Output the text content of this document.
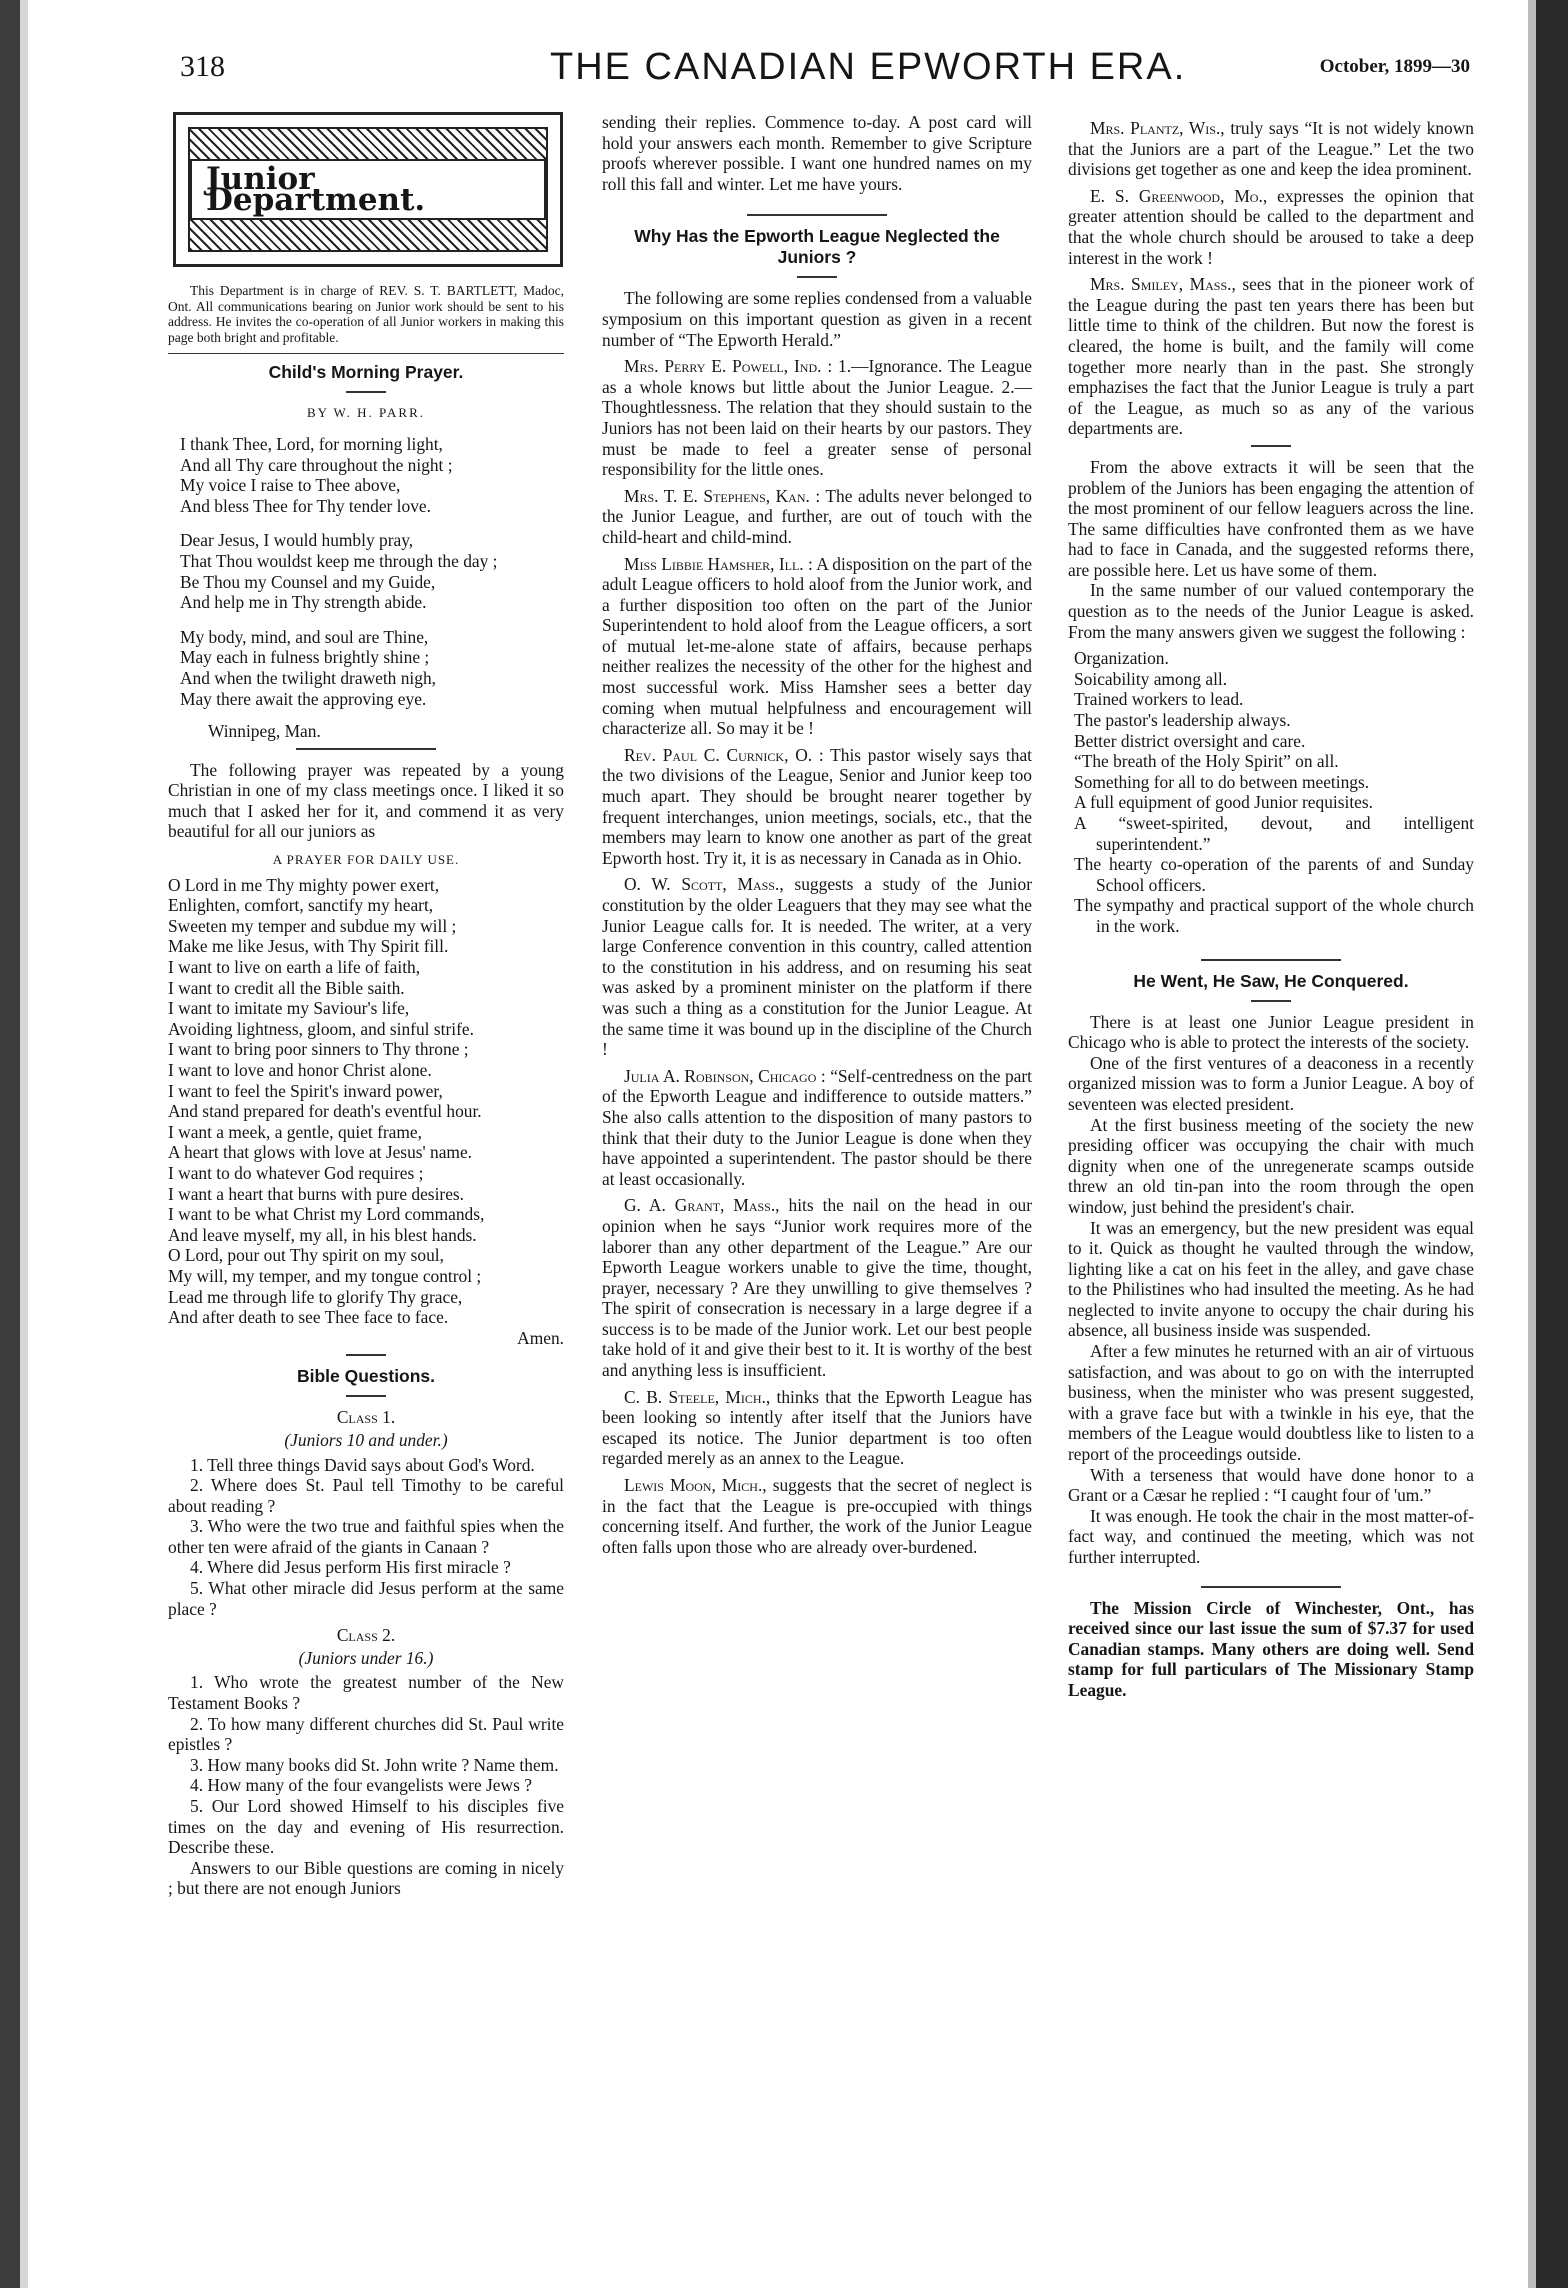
318	THE CANADIAN EPWORTH ERA.	October, 1899—30
Junior Department.

This Department is in charge of REV. S. T. BARTLETT, Madoc, Ont. All communications bearing on Junior work should be sent to his address. He invites the co-operation of all Junior workers in making this page both bright and profitable.

Child's Morning Prayer.
BY W. H. PARR.
I thank Thee, Lord, for morning light,
And all Thy care throughout the night ;
My voice I raise to Thee above,
And bless Thee for Thy tender love.
Dear Jesus, I would humbly pray,
That Thou wouldst keep me through the day ;
Be Thou my Counsel and my Guide,
And help me in Thy strength abide.
My body, mind, and soul are Thine,
May each in fulness brightly shine ;
And when the twilight draweth nigh,
May there await the approving eye.
Winnipeg, Man.

The following prayer was repeated by a young Christian in one of my class meetings once. I liked it so much that I asked her for it, and commend it as very beautiful for all our juniors as

A PRAYER FOR DAILY USE.
O Lord in me Thy mighty power exert,
Enlighten, comfort, sanctify my heart,
Sweeten my temper and subdue my will ;
Make me like Jesus, with Thy Spirit fill.
I want to live on earth a life of faith,
I want to credit all the Bible saith.
I want to imitate my Saviour's life,
Avoiding lightness, gloom, and sinful strife.
I want to bring poor sinners to Thy throne ;
I want to love and honor Christ alone.
I want to feel the Spirit's inward power,
And stand prepared for death's eventful hour.
I want a meek, a gentle, quiet frame,
A heart that glows with love at Jesus' name.
I want to do whatever God requires ;
I want a heart that burns with pure desires.
I want to be what Christ my Lord commands,
And leave myself, my all, in his blest hands.
O Lord, pour out Thy spirit on my soul,
My will, my temper, and my tongue control ;
Lead me through life to glorify Thy grace,
And after death to see Thee face to face.
Amen.
Bible Questions.
Class 1.
(Juniors 10 and under.)

1. Tell three things David says about God's Word.

2. Where does St. Paul tell Timothy to be careful about reading ?

3. Who were the two true and faithful spies when the other ten were afraid of the giants in Canaan ?

4. Where did Jesus perform His first miracle ?

5. What other miracle did Jesus perform at the same place ?

Class 2.
(Juniors under 16.)

1. Who wrote the greatest number of the New Testament Books ?

2. To how many different churches did St. Paul write epistles ?

3. How many books did St. John write ? Name them.

4. How many of the four evangelists were Jews ?

5. Our Lord showed Himself to his disciples five times on the day and evening of His resurrection. Describe these.

Answers to our Bible questions are coming in nicely ; but there are not enough Juniors

sending their replies. Commence to-day. A post card will hold your answers each month. Remember to give Scripture proofs wherever possible. I want one hundred names on my roll this fall and winter. Let me have yours.

Why Has the Epworth League Neglected the Juniors ?

The following are some replies condensed from a valuable symposium on this important question as given in a recent number of “The Epworth Herald.”

Mrs. Perry E. Powell, Ind. : 1.—Ignorance. The League as a whole knows but little about the Junior League. 2.—Thoughtlessness. The relation that they should sustain to the Juniors has not been laid on their hearts by our pastors. They must be made to feel a greater sense of personal responsibility for the little ones.

Mrs. T. E. Stephens, Kan. : The adults never belonged to the Junior League, and further, are out of touch with the child-heart and child-mind.

Miss Libbie Hamsher, Ill. : A disposition on the part of the adult League officers to hold aloof from the Junior work, and a further disposition too often on the part of the Junior Superintendent to hold aloof from the League officers, a sort of mutual let-me-alone state of affairs, because perhaps neither realizes the necessity of the other for the highest and most successful work. Miss Hamsher sees a better day coming when mutual helpfulness and encouragement will characterize all. So may it be !

Rev. Paul C. Curnick, O. : This pastor wisely says that the two divisions of the League, Senior and Junior keep too much apart. They should be brought nearer together by frequent interchanges, union meetings, socials, etc., that the members may learn to know one another as part of the great Epworth host. Try it, it is as necessary in Canada as in Ohio.

O. W. Scott, Mass., suggests a study of the Junior constitution by the older Leaguers that they may see what the Junior League calls for. It is needed. The writer, at a very large Conference convention in this country, called attention to the constitution in his address, and on resuming his seat was asked by a prominent minister on the platform if there was such a thing as a constitution for the Junior League. At the same time it was bound up in the discipline of the Church !

Julia A. Robinson, Chicago : “Self-centredness on the part of the Epworth League and indifference to outside matters.” She also calls attention to the disposition of many pastors to think that their duty to the Junior League is done when they have appointed a superintendent. The pastor should be there at least occasionally.

G. A. Grant, Mass., hits the nail on the head in our opinion when he says “Junior work requires more of the laborer than any other department of the League.” Are our Epworth League workers unable to give the time, thought, prayer, necessary ? Are they unwilling to give themselves ? The spirit of consecration is necessary in a large degree if a success is to be made of the Junior work. Let our best people take hold of it and give their best to it. It is worthy of the best and anything less is insufficient.

C. B. Steele, Mich., thinks that the Epworth League has been looking so intently after itself that the Juniors have escaped its notice. The Junior department is too often regarded merely as an annex to the League.

Lewis Moon, Mich., suggests that the secret of neglect is in the fact that the League is pre-occupied with things concerning itself. And further, the work of the Junior League often falls upon those who are already over-burdened.

Mrs. Plantz, Wis., truly says “It is not widely known that the Juniors are a part of the League.” Let the two divisions get together as one and keep the idea prominent.

E. S. Greenwood, Mo., expresses the opinion that greater attention should be called to the department and that the whole church should be aroused to take a deep interest in the work !

Mrs. Smiley, Mass., sees that in the pioneer work of the League during the past ten years there has been but little time to think of the children. But now the forest is cleared, the home is built, and the family will come together more nearly than in the past. She strongly emphazises the fact that the Junior League is truly a part of the League, as much so as any of the various departments are.

From the above extracts it will be seen that the problem of the Juniors has been engaging the attention of the most prominent of our fellow leaguers across the line. The same difficulties have confronted them as we have had to face in Canada, and the suggested reforms there, are possible here. Let us have some of them.

In the same number of our valued contemporary the question as to the needs of the Junior League is asked. From the many answers given we suggest the following :

Organization.
Soicability among all.
Trained workers to lead.
The pastor's leadership always.
Better district oversight and care.
“The breath of the Holy Spirit” on all.
Something for all to do between meetings.
A full equipment of good Junior requisites.
A “sweet-spirited, devout, and intelligent superintendent.”
The hearty co-operation of the parents of and Sunday School officers.
The sympathy and practical support of the whole church in the work.
He Went, He Saw, He Conquered.

There is at least one Junior League president in Chicago who is able to protect the interests of the society.

One of the first ventures of a deaconess in a recently organized mission was to form a Junior League. A boy of seventeen was elected president.

At the first business meeting of the society the new presiding officer was occupying the chair with much dignity when one of the unregenerate scamps outside threw an old tin-pan into the room through the open window, just behind the president's chair.

It was an emergency, but the new president was equal to it. Quick as thought he vaulted through the window, lighting like a cat on his feet in the alley, and gave chase to the Philistines who had insulted the meeting. As he had neglected to invite anyone to occupy the chair during his absence, all business inside was suspended.

After a few minutes he returned with an air of virtuous satisfaction, and was about to go on with the interrupted business, when the minister who was present suggested, with a grave face but with a twinkle in his eye, that the members of the League would doubtless like to listen to a report of the proceedings outside.

With a terseness that would have done honor to a Grant or a Cæsar he replied : “I caught four of 'um.”

It was enough. He took the chair in the most matter-of-fact way, and continued the meeting, which was not further interrupted.

The Mission Circle of Winchester, Ont., has received since our last issue the sum of $7.37 for used Canadian stamps. Many others are doing well. Send stamp for full particulars of The Missionary Stamp League.
